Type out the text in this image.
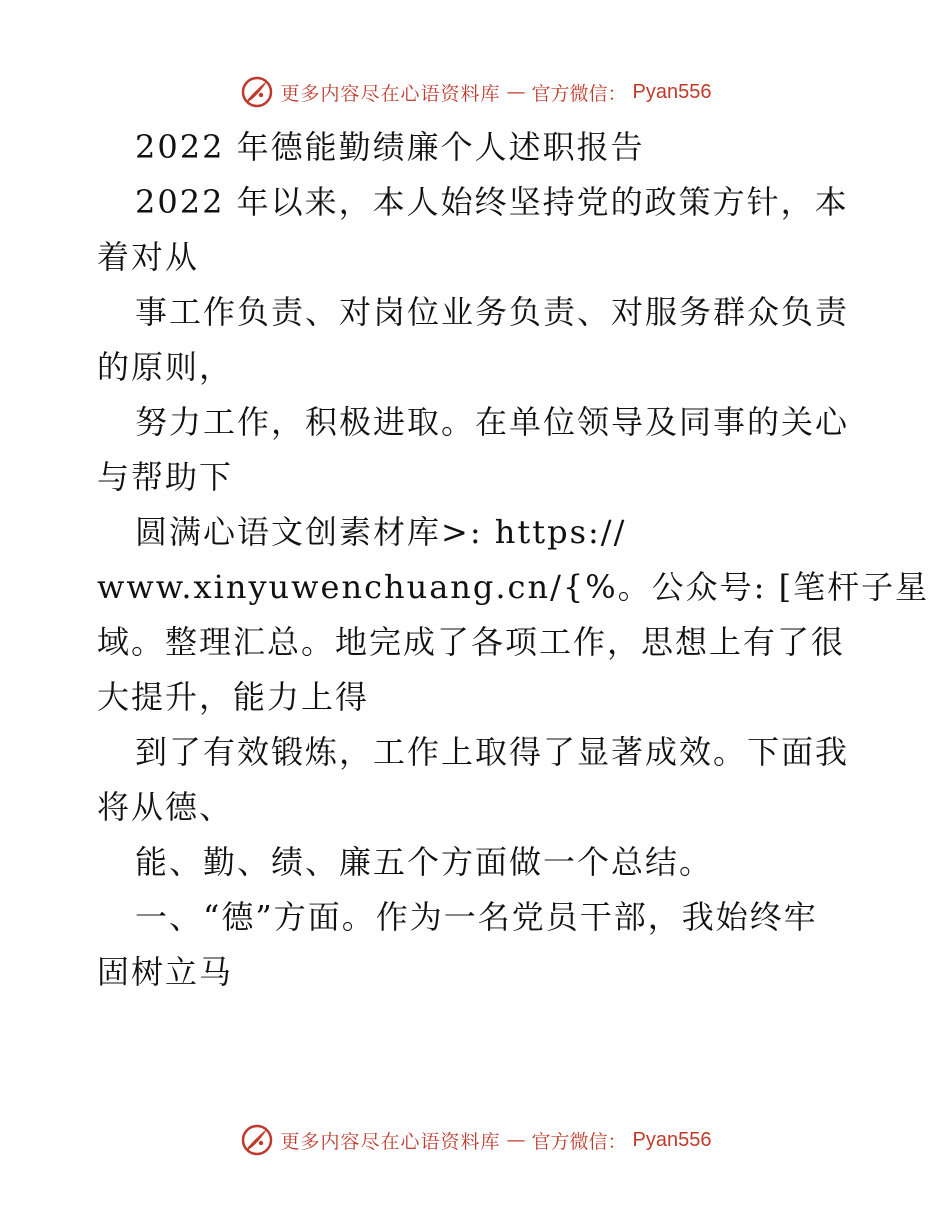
更多内容尽在心语资料库 — 官方微信： Pyan556
2022 年德能勤绩廉个人述职报告
2022 年以来，本人始终坚持党的政策方针，本
着对从
事工作负责、对岗位业务负责、对服务群众负责
的原则，
努力工作，积极进取。在单位领导及同事的关心
与帮助下
圆满心语文创素材库>: https://
www.xinyuwenchuang.cn/{%。公众号: [笔杆子星
域。整理汇总。地完成了各项工作，思想上有了很
大提升，能力上得
到了有效锻炼，工作上取得了显著成效。下面我
将从德、
能、勤、绩、廉五个方面做一个总结。
一、“德”方面。作为一名党员干部，我始终牢
固树立马
更多内容尽在心语资料库 — 官方微信： Pyan556
